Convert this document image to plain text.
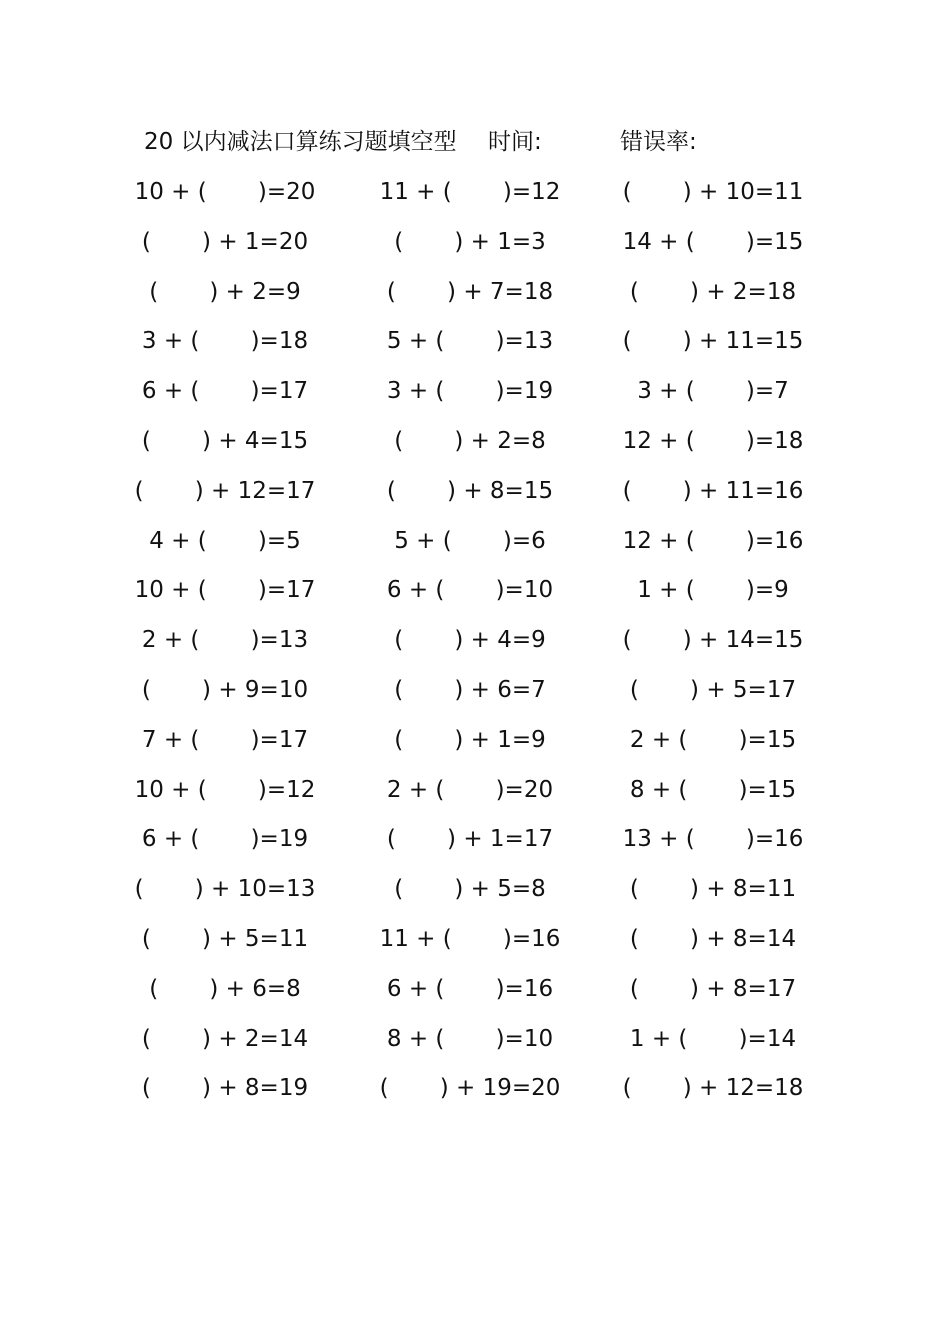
20 以内减法口算练习题填空型 时间:	错误率:
10 + (       )=20	11 + (       )=12	(       ) + 10=11
(       ) + 1=20	(       ) + 1=3	14 + (       )=15
(       ) + 2=9	(       ) + 7=18	(       ) + 2=18
3 + (       )=18	5 + (       )=13	(       ) + 11=15
6 + (       )=17	3 + (       )=19	3 + (       )=7
(       ) + 4=15	(       ) + 2=8	12 + (       )=18
(       ) + 12=17	(       ) + 8=15	(       ) + 11=16
4 + (       )=5	5 + (       )=6	12 + (       )=16
10 + (       )=17	6 + (       )=10	1 + (       )=9
2 + (       )=13	(       ) + 4=9	(       ) + 14=15
(       ) + 9=10	(       ) + 6=7	(       ) + 5=17
7 + (       )=17	(       ) + 1=9	2 + (       )=15
10 + (       )=12	2 + (       )=20	8 + (       )=15
6 + (       )=19	(       ) + 1=17	13 + (       )=16
(       ) + 10=13	(       ) + 5=8	(       ) + 8=11
(       ) + 5=11	11 + (       )=16	(       ) + 8=14
(       ) + 6=8	6 + (       )=16	(       ) + 8=17
(       ) + 2=14	8 + (       )=10	1 + (       )=14
(       ) + 8=19	(       ) + 19=20	(       ) + 12=18
